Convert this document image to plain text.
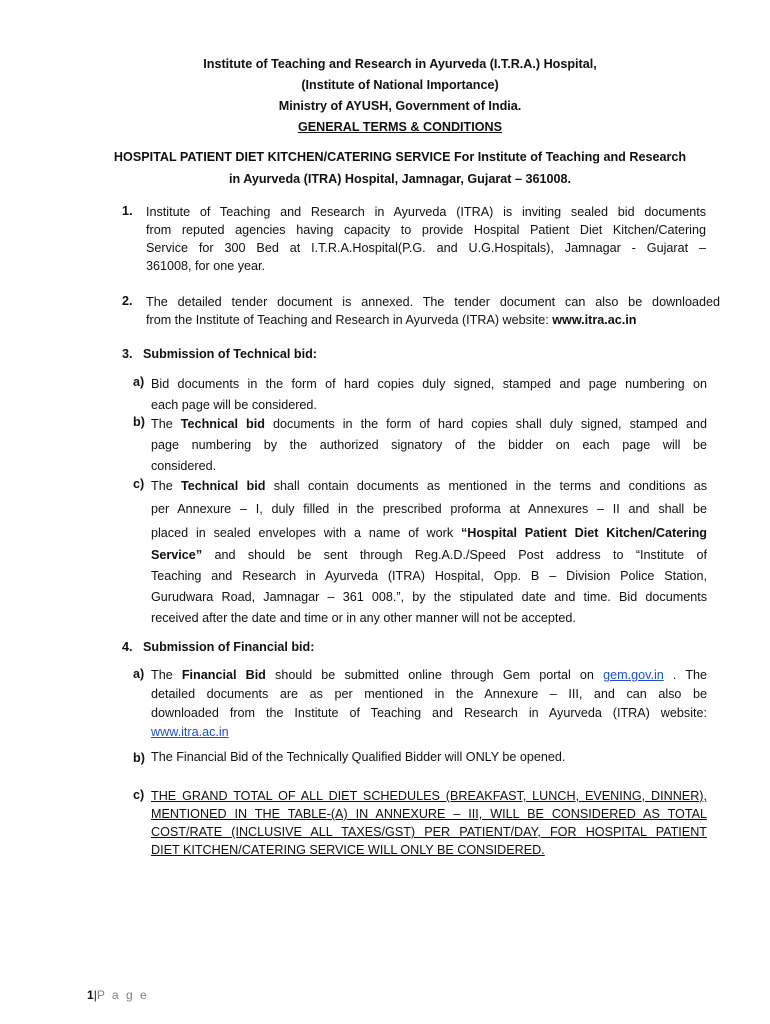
Institute of Teaching and Research in Ayurveda (I.T.R.A.) Hospital,
(Institute of National Importance)
Ministry of AYUSH, Government of India.
GENERAL TERMS & CONDITIONS
HOSPITAL PATIENT DIET KITCHEN/CATERING SERVICE For Institute of Teaching and Research
in Ayurveda (ITRA) Hospital, Jamnagar, Gujarat – 361008.
1. Institute of Teaching and Research in Ayurveda (ITRA) is inviting sealed bid documents
from reputed agencies having capacity to provide Hospital Patient Diet Kitchen/Catering
Service for 300 Bed at I.T.R.A.Hospital(P.G. and U.G.Hospitals), Jamnagar - Gujarat –
361008, for one year.
2. The detailed tender document is annexed. The tender document can also be downloaded
from the Institute of Teaching and Research in Ayurveda (ITRA) website: www.itra.ac.in
3.   Submission of Technical bid:
a) Bid documents in the form of hard copies duly signed, stamped and page numbering on
each page will be considered.
b) The Technical bid documents in the form of hard copies shall duly signed, stamped and
page numbering by the authorized signatory of the bidder on each page will be
considered.
c) The Technical bid shall contain documents as mentioned in the terms and conditions as
per Annexure – I, duly filled in the prescribed proforma at Annexures – II and shall be
placed in sealed envelopes with a name of work “Hospital Patient Diet Kitchen/Catering
Service” and should be sent through Reg.A.D./Speed Post address to “Institute of
Teaching and Research in Ayurveda (ITRA) Hospital, Opp. B – Division Police Station,
Gurudwara Road, Jamnagar – 361 008.”, by the stipulated date and time. Bid documents
received after the date and time or in any other manner will not be accepted.
4.   Submission of Financial bid:
a) The Financial Bid should be submitted online through Gem portal on gem.gov.in . The
detailed documents are as per mentioned in the Annexure – III, and can also be
downloaded from the Institute of Teaching and Research in Ayurveda (ITRA) website:
www.itra.ac.in
b) The Financial Bid of the Technically Qualified Bidder will ONLY be opened.
c) THE GRAND TOTAL OF ALL DIET SCHEDULES (BREAKFAST, LUNCH, EVENING, DINNER),
MENTIONED IN THE TABLE-(A) IN ANNEXURE – III, WILL BE CONSIDERED AS TOTAL
COST/RATE (INCLUSIVE ALL TAXES/GST) PER PATIENT/DAY, FOR HOSPITAL PATIENT
DIET KITCHEN/CATERING SERVICE WILL ONLY BE CONSIDERED.
1|P a g e
